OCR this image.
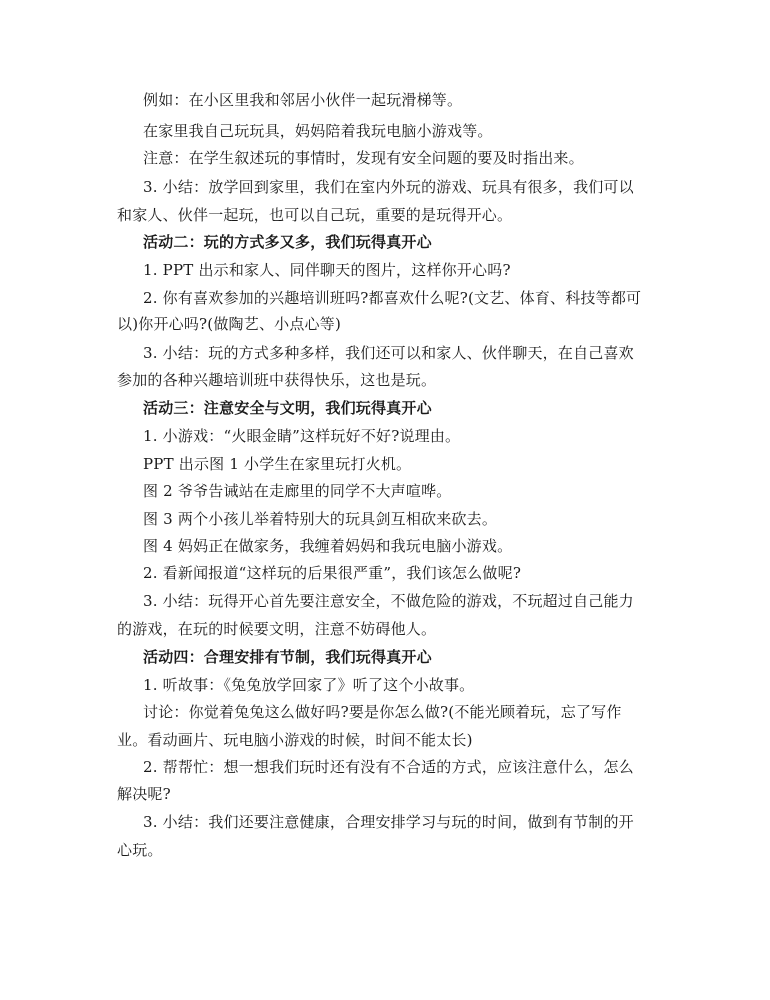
例如：在小区里我和邻居小伙伴一起玩滑梯等。
在家里我自己玩玩具，妈妈陪着我玩电脑小游戏等。
注意：在学生叙述玩的事情时，发现有安全问题的要及时指出来。
3. 小结：放学回到家里，我们在室内外玩的游戏、玩具有很多，我们可以
和家人、伙伴一起玩，也可以自己玩，重要的是玩得开心。
活动二：玩的方式多又多，我们玩得真开心
1. PPT 出示和家人、同伴聊天的图片，这样你开心吗?
2. 你有喜欢参加的兴趣培训班吗?都喜欢什么呢?(文艺、体育、科技等都可
以)你开心吗?(做陶艺、小点心等)
3. 小结：玩的方式多种多样，我们还可以和家人、伙伴聊天，在自己喜欢
参加的各种兴趣培训班中获得快乐，这也是玩。
活动三：注意安全与文明，我们玩得真开心
1. 小游戏：“火眼金睛”这样玩好不好?说理由。
PPT 出示图 1 小学生在家里玩打火机。
图 2 爷爷告诫站在走廊里的同学不大声喧哗。
图 3 两个小孩儿举着特别大的玩具剑互相砍来砍去。
图 4 妈妈正在做家务，我缠着妈妈和我玩电脑小游戏。
2. 看新闻报道“这样玩的后果很严重”，我们该怎么做呢?
3. 小结：玩得开心首先要注意安全，不做危险的游戏，不玩超过自己能力
的游戏，在玩的时候要文明，注意不妨碍他人。
活动四：合理安排有节制，我们玩得真开心
1. 听故事：《兔兔放学回家了》听了这个小故事。
讨论：你觉着兔兔这么做好吗?要是你怎么做?(不能光顾着玩，忘了写作
业。看动画片、玩电脑小游戏的时候，时间不能太长)
2. 帮帮忙：想一想我们玩时还有没有不合适的方式，应该注意什么，怎么
解决呢?
3. 小结：我们还要注意健康，合理安排学习与玩的时间，做到有节制的开
心玩。
